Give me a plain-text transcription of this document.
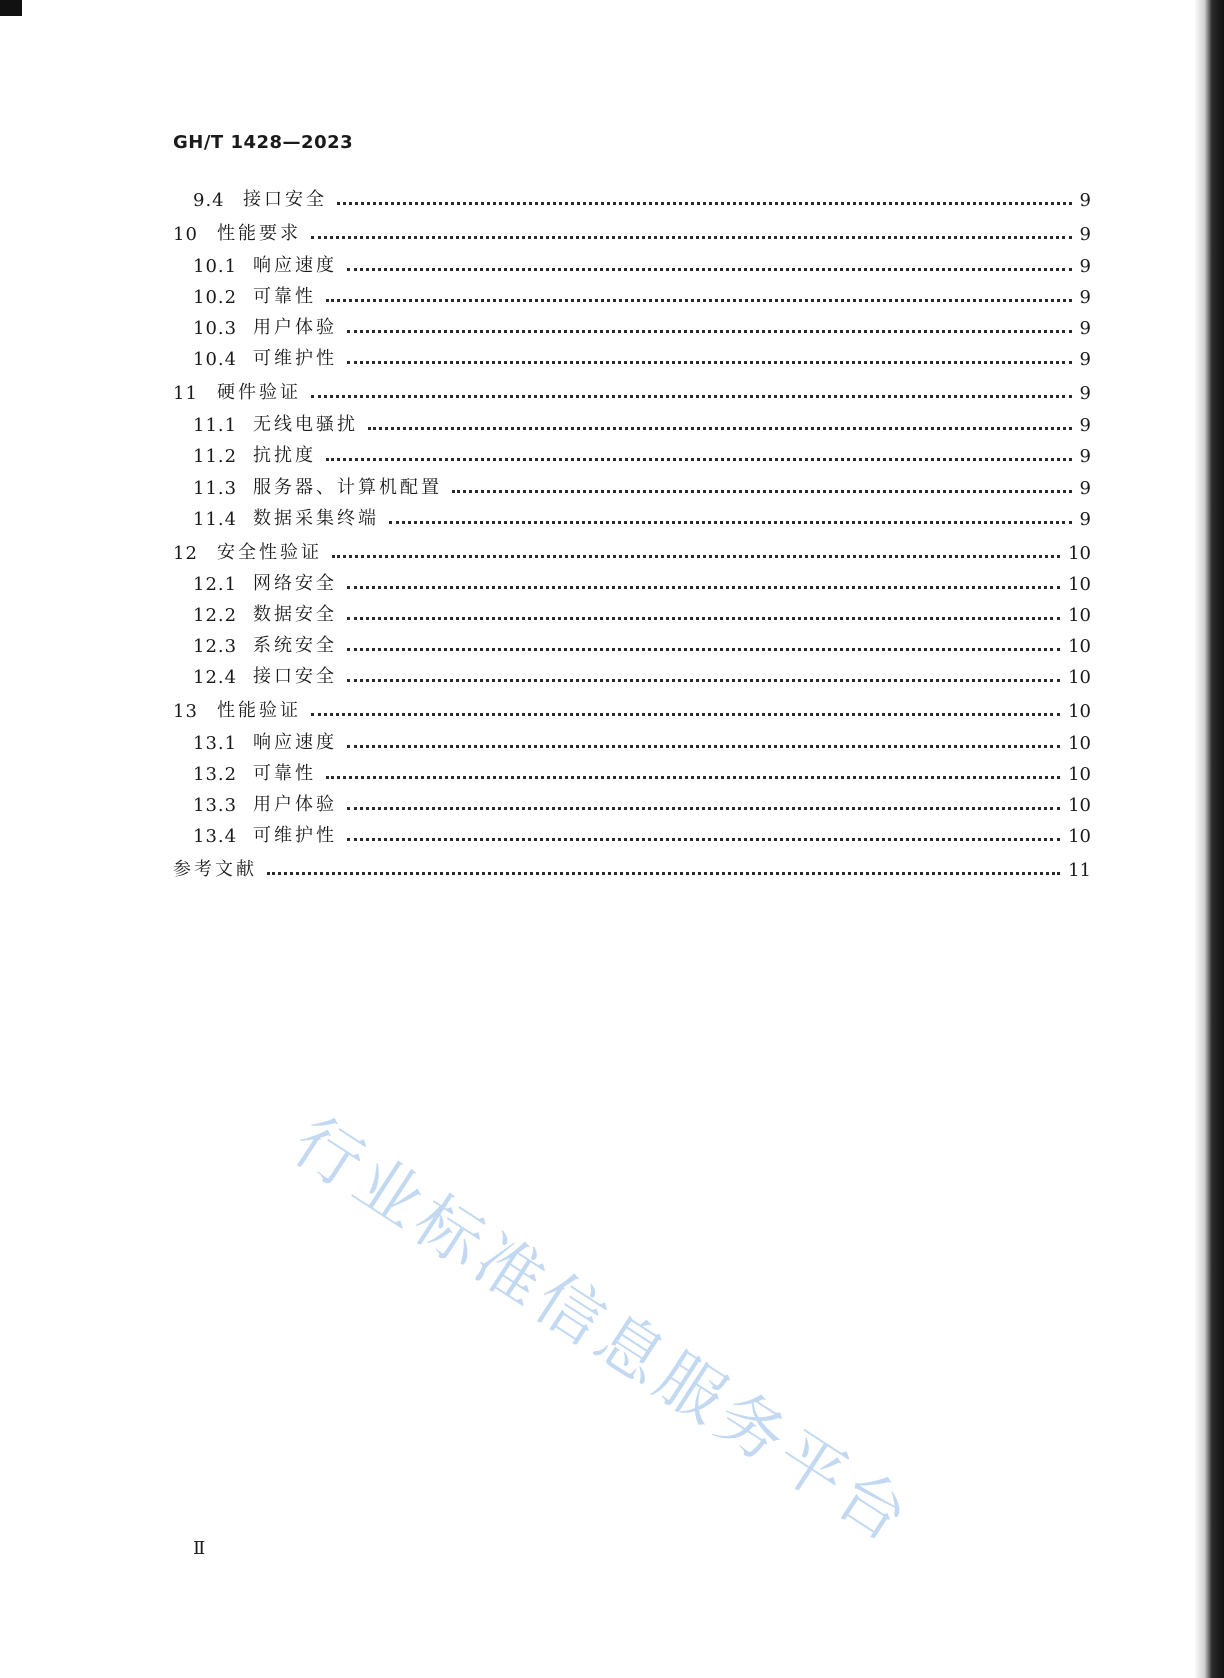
GH/T 1428—2023
9.4	接口安全	9
10	性能要求	9
10.1 响应速度	9
10.2 可靠性	9
10.3 用户体验	9
10.4 可维护性	9
11	硬件验证	9
11.1 无线电骚扰	9
11.2 抗扰度	9
11.3 服务器、计算机配置	9
11.4 数据采集终端	9
12	安全性验证	10
12.1 网络安全	10
12.2 数据安全	10
12.3 系统安全	10
12.4 接口安全	10
13	性能验证	10
13.1 响应速度	10
13.2 可靠性	10
13.3 用户体验	10
13.4 可维护性	10
参考文献	11
Ⅱ 行业标准信息服务平台
